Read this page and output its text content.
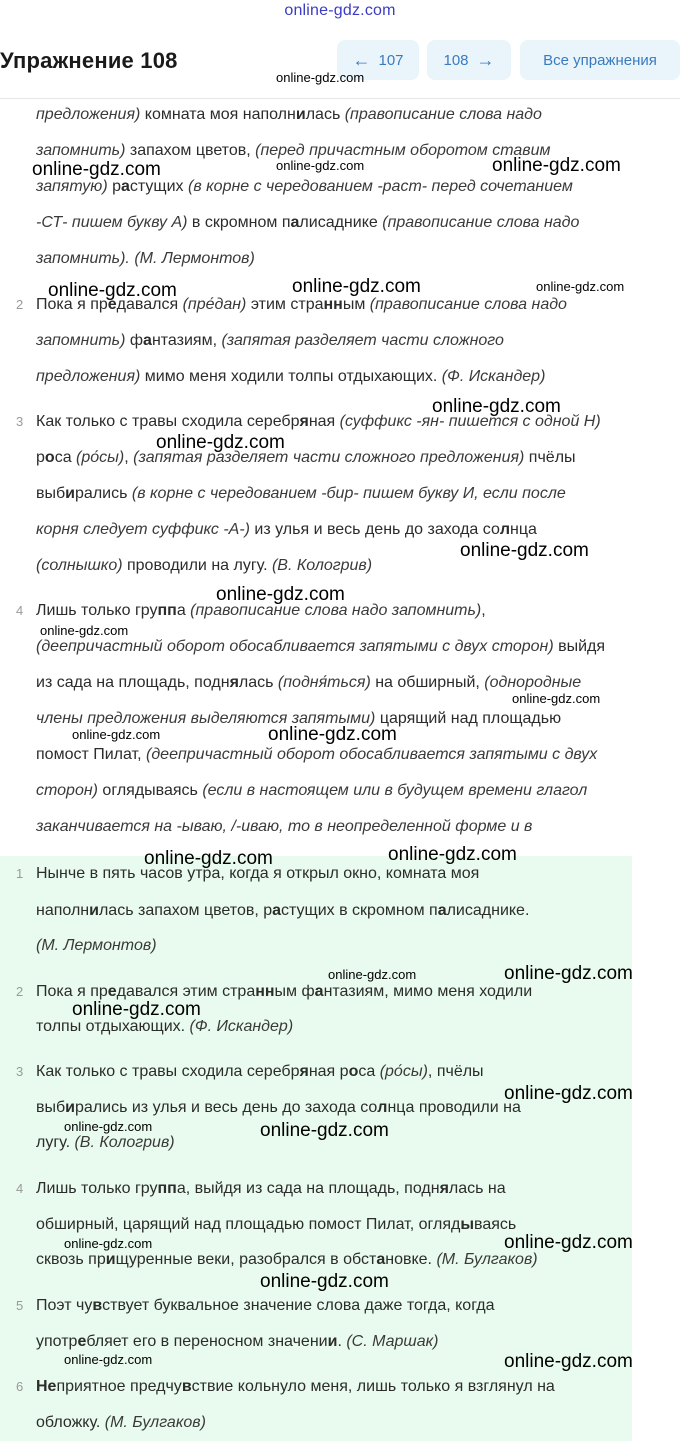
online-gdz.com
Упражнение 108	← 107	108 →	Все упражнения
предложения) комната моя наполнилась (правописание слова надо
запомнить) запахом цветов, (перед причастным оборотом ставим
запятую) растущих (в корне с чередованием -раст- перед сочетанием
-СТ- пишем букву А) в скромном палисаднике (правописание слова надо
запомнить). (М. Лермонтов)
Пока я предавался (пре́дан) этим странным (правописание слова надо
запомнить) фантазиям, (запятая разделяет части сложного
предложения) мимо меня ходили толпы отдыхающих. (Ф. Искандер)
Как только с травы сходила серебряная (суффикс -ян- пишется с одной Н)
роса (ро́сы), (запятая разделяет части сложного предложения) пчёлы
выбирались (в корне с чередованием -бир- пишем букву И, если после
корня следует суффикс -А-) из улья и весь день до захода солнца
(солнышко) проводили на лугу. (В. Кологрив)
Лишь только группа (правописание слова надо запомнить),
(деепричастный оборот обосабливается запятыми с двух сторон) выйдя
из сада на площадь, поднялась (подня́ться) на обширный, (однородные
члены предложения выделяются запятыми) царящий над площадью
помост Пилат, (деепричастный оборот обосабливается запятыми с двух
сторон) оглядываясь (если в настоящем или в будущем времени глагол
заканчивается на -ываю, /-иваю, то в неопределенной форме и в
2
3
4
Нынче в пять часов утра, когда я открыл окно, комната моя
наполнилась запахом цветов, растущих в скромном палисаднике.
(М. Лермонтов)
Пока я предавался этим странным фантазиям, мимо меня ходили
толпы отдыхающих. (Ф. Искандер)
Как только с травы сходила серебряная роса (ро́сы), пчёлы
выбирались из улья и весь день до захода солнца проводили на
лугу. (В. Кологрив)
Лишь только группа, выйдя из сада на площадь, поднялась на
обширный, царящий над площадью помост Пилат, оглядываясь
сквозь прищуренные веки, разобрался в обстановке. (М. Булгаков)
Поэт чувствует буквальное значение слова даже тогда, когда
употребляет его в переносном значении. (С. Маршак)
Неприятное предчувствие кольнуло меня, лишь только я взглянул на
обложку. (М. Булгаков)
1
2
3
4
5
6
online-gdz.com
online-gdz.com	online-gdz.com	online-gdz.com
online-gdz.com	online-gdz.com	online-gdz.com
online-gdz.com
online-gdz.com
online-gdz.com
online-gdz.com
online-gdz.com
online-gdz.com
online-gdz.com	online-gdz.com
online-gdz.com	online-gdz.com
online-gdz.com	online-gdz.com
online-gdz.com
online-gdz.com
online-gdz.com	online-gdz.com
online-gdz.com	online-gdz.com
online-gdz.com
online-gdz.com	online-gdz.com
